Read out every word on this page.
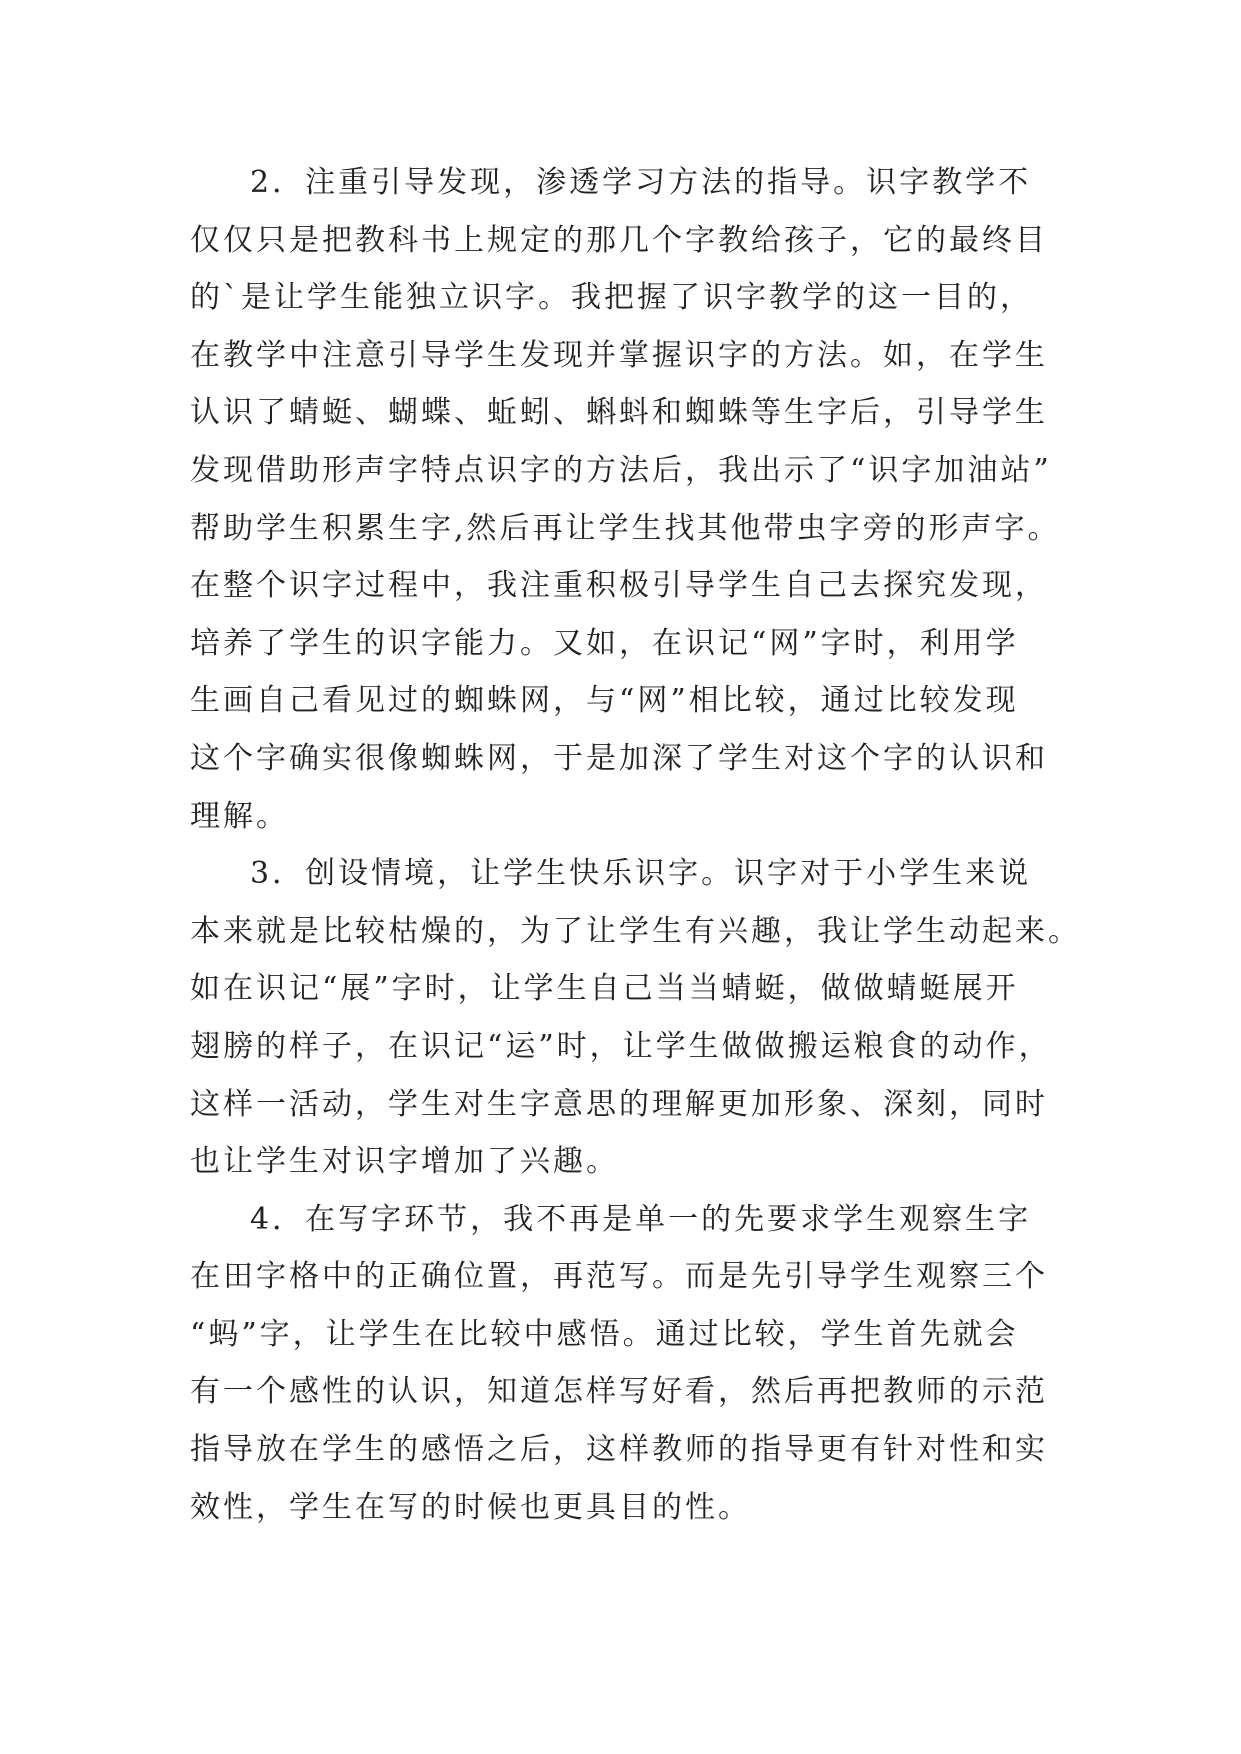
2．注重引导发现，渗透学习方法的指导。识字教学不
仅仅只是把教科书上规定的那几个字教给孩子，它的最终目
的`是让学生能独立识字。我把握了识字教学的这一目的，
在教学中注意引导学生发现并掌握识字的方法。如，在学生
认识了蜻蜓、蝴蝶、蚯蚓、蝌蚪和蜘蛛等生字后，引导学生
发现借助形声字特点识字的方法后，我出示了“识字加油站”
帮助学生积累生字,然后再让学生找其他带虫字旁的形声字。
在整个识字过程中，我注重积极引导学生自己去探究发现，
培养了学生的识字能力。又如，在识记“网”字时，利用学
生画自己看见过的蜘蛛网，与“网”相比较，通过比较发现
这个字确实很像蜘蛛网，于是加深了学生对这个字的认识和
理解。
3．创设情境，让学生快乐识字。识字对于小学生来说
本来就是比较枯燥的，为了让学生有兴趣，我让学生动起来。
如在识记“展”字时，让学生自己当当蜻蜓，做做蜻蜓展开
翅膀的样子，在识记“运”时，让学生做做搬运粮食的动作，
这样一活动，学生对生字意思的理解更加形象、深刻，同时
也让学生对识字增加了兴趣。
4．在写字环节，我不再是单一的先要求学生观察生字
在田字格中的正确位置，再范写。而是先引导学生观察三个
“蚂”字，让学生在比较中感悟。通过比较，学生首先就会
有一个感性的认识，知道怎样写好看，然后再把教师的示范
指导放在学生的感悟之后，这样教师的指导更有针对性和实
效性，学生在写的时候也更具目的性。
